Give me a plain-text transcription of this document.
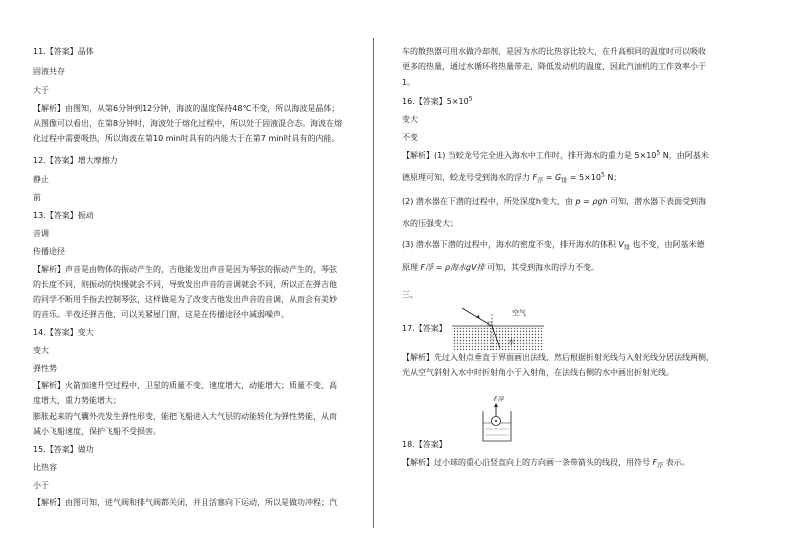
11.【答案】晶体
固液共存
大于
【解析】由图知，从第6分钟到12分钟，海波的温度保持48℃不变，所以海波是晶体；
从图像可以看出，在第8分钟时，海波处于熔化过程中，所以处于固液混合态。海波在熔
化过程中需要吸热，所以海波在第10 min时具有的内能大于在第7 min时具有的内能。
12.【答案】增大摩擦力
静止
前
13.【答案】振动
音调
传播途径
【解析】声音是由物体的振动产生的，吉他能发出声音是因为琴弦的振动产生的，琴弦
的长度不同，则振动的快慢就会不同，导致发出声音的音调就会不同，所以正在弹吉他
的同学不断用手指去控制琴弦，这样做是为了改变吉他发出声音的音调，从而会有美妙
的音乐。半夜还弹吉他，可以关紧屋门窗，这是在传播途径中减弱噪声。
14.【答案】变大
变大
弹性势
【解析】火箭加速升空过程中，卫星的质量不变、速度增大，动能增大；质量不变、高
度增大，重力势能增大；
膨胀起来的气囊外壳发生弹性形变，能把飞船进入大气层的动能转化为弹性势能，从而
减小飞船速度，保护飞船不受损害。
15.【答案】做功
比热容
小于
【解析】由图可知，进气阀和排气阀都关闭，并且活塞向下运动，所以是做功冲程；汽
车的散热器可用水做冷却剂，是因为水的比热容比较大，在升高相同的温度时可以吸收
更多的热量，通过水循环将热量带走，降低发动机的温度，因此汽油机的工作效率小于
1。
16.【答案】$5\times 10^5$
变大
不变
【解析】(1) 当蛟龙号完全进入海水中工作时，排开海水的重力是 $5\times 10^5$ N，由阿基米
德原理可知，蛟龙号受到海水的浮力 $F_浮 = G_排 = 5\times 10^5$ N；
(2) 潜水器在下潜的过程中，所处深度h变大，由 p = ρgh 可知，潜水器下表面受到海
水的压强变大；
(3) 潜水器下潜的过程中，海水的密度不变，排开海水的体积 $V_排$ 也不变，由阿基米德
原理 F浮 = ρ海水gV排 可知，其受到海水的浮力不变。
三、
17.【答案】
【解析】先过入射点垂直于界面画出法线，然后根据折射光线与入射光线分居法线两侧，
光从空气斜射入水中时折射角小于入射角，在法线右侧的水中画出折射光线。
18.【答案】
【解析】过小球的重心沿竖直向上的方向画一条带箭头的线段，用符号 $F_浮$ 表示。
空气
水
F浮
